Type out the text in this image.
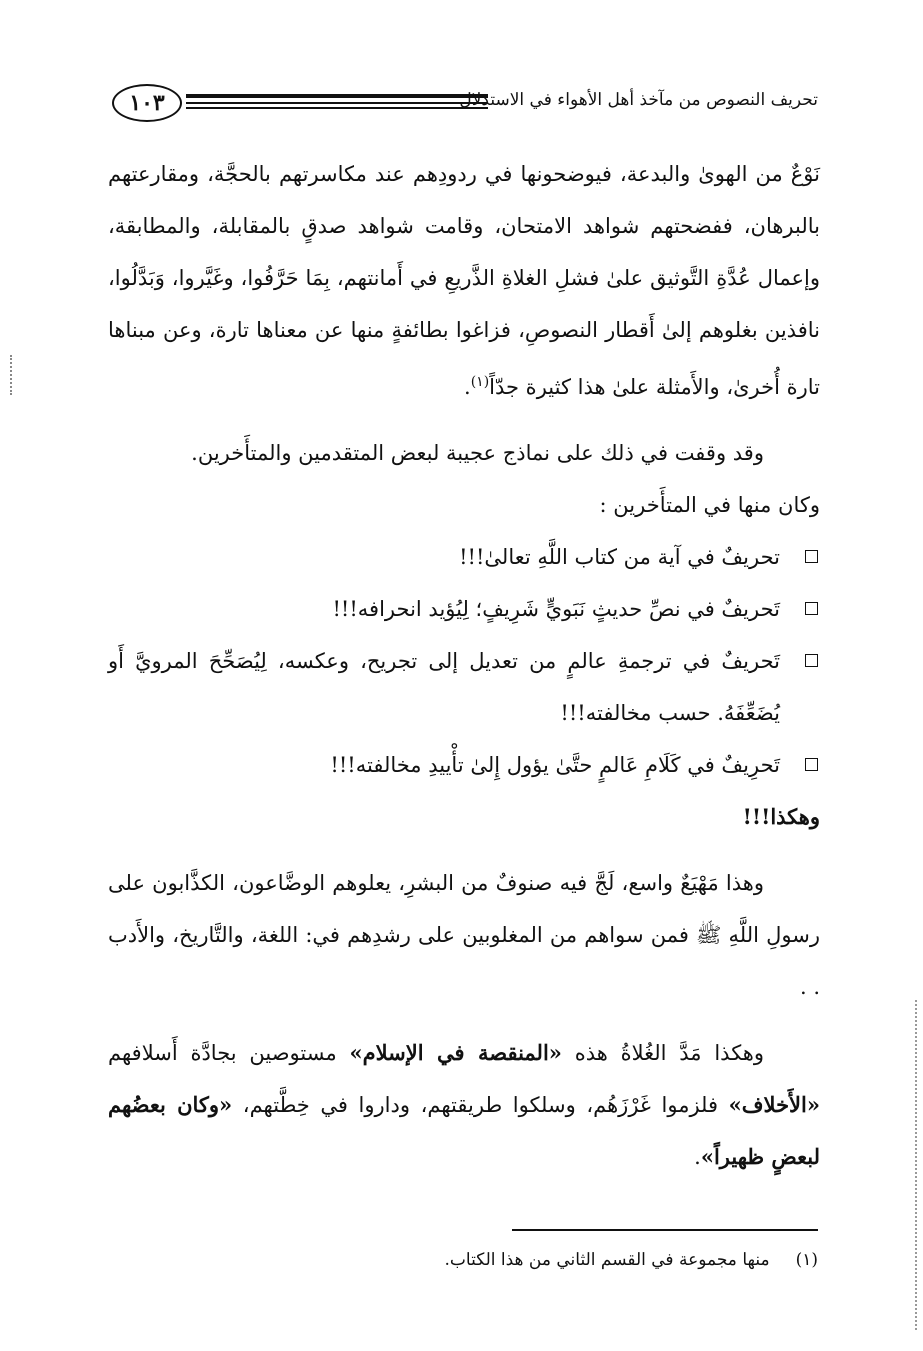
١٠٣	تحريف النصوص من مآخذ أهل الأهواء في الاستدلال

نَوْعٌ من الهوىٰ والبدعة، فيوضحونها في ردودِهم عند مكاسرتهم بالحجَّة، ومقارعتهم بالبرهان، ففضحتهم شواهد الامتحان، وقامت شواهد صدقٍ بالمقابلة، والمطابقة، وإعمال عُدَّةِ التَّوثيق علىٰ فشلِ الغلاةِ الذَّريعِ في أَمانتهم، بِمَا حَرَّفُوا، وغَيَّروا، وَبَدَّلُوا، نافذين بغلوهم إلىٰ أَقطار النصوصِ، فزاغوا بطائفةٍ منها عن معناها تارة، وعن مبناها تارة أُخرىٰ، والأَمثلة علىٰ هذا كثيرة جدّاً$^{(١)}$.

وقد وقفت في ذلك على نماذج عجيبة لبعض المتقدمين والمتأَخرين.

وكان منها في المتأَخرين :

تحريفٌ في آية من كتاب اللَّهِ تعالىٰ!!!
تَحريفٌ في نصِّ حديثٍ نَبَويٍّ شَرِيفٍ؛ لِيُؤيد انحرافه!!!
تَحريفٌ في ترجمةِ عالمٍ من تعديل إلى تجريح، وعكسه، لِيُصَحِّحَ المرويَّ أَو يُضَعِّفَهُ. حسب مخالفته!!!
تَحرِيفٌ في كَلَامِ عَالمٍ حتَّىٰ يؤول إِلىٰ تأْييدِ مخالفته!!!

وهكذا!!!

وهذا مَهْيَعٌ واسع، لَجَّ فيه صنوفٌ من البشرِ، يعلوهم الوضَّاعون، الكذَّابون على رسولِ اللَّهِ ﷺ فمن سواهم من المغلوبين على رشدِهم في: اللغة، والتَّاريخ، والأَدب . .

وهكذا مَدَّ الغُلاةُ هذه «المنقصة في الإسلام» مستوصين بجادَّة أَسلافهم «الأَخلاف» فلزموا غَرْزَهُم، وسلكوا طريقتهم، وداروا في خِطَّتهم، «وكان بعضُهم لبعضٍ ظهيراً».

(١)منها مجموعة في القسم الثاني من هذا الكتاب.
